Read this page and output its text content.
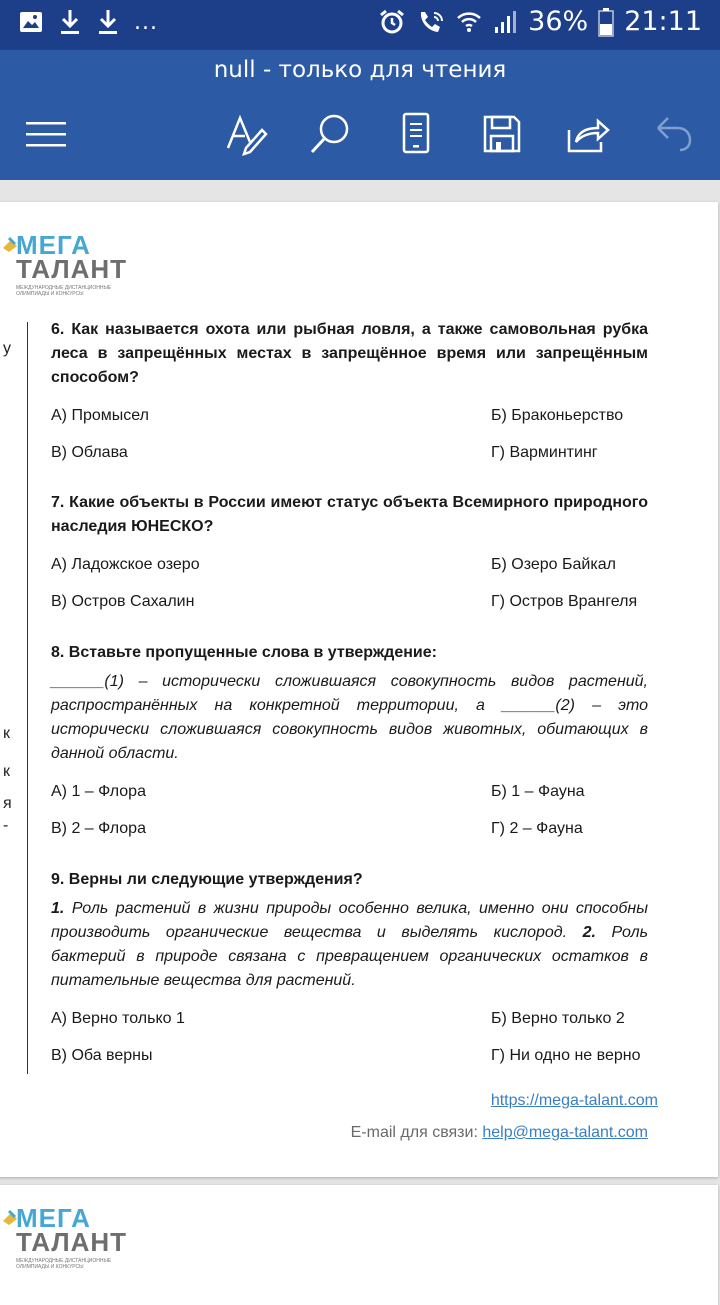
...	36% 21:11
null - только для чтения
МЕГА
ТАЛАНТ
МЕЖДУНАРОДНЫЕ ДИСТАНЦИОННЫЕ ОЛИМПИАДЫ И КОНКУРСЫ
у
к
к
я
-
6. Как называется охота или рыбная ловля, а также самовольная рубка леса в запрещённых местах в запрещённое время или запрещённым способом?
А) Промысел	Б) Браконьерство
В) Облава	Г) Варминтинг
7. Какие объекты в России имеют статус объекта Всемирного природного наследия ЮНЕСКО?
А) Ладожское озеро	Б) Озеро Байкал
В) Остров Сахалин	Г) Остров Врангеля
8. Вставьте пропущенные слова в утверждение:
______(1) – исторически сложившаяся совокупность видов растений, распространённых на конкретной территории, а ______(2) – это исторически сложившаяся совокупность видов животных, обитающих в данной области.
А) 1 – Флора	Б) 1 – Фауна
В) 2 – Флора	Г) 2 – Фауна
9. Верны ли следующие утверждения?
1. Роль растений в жизни природы особенно велика, именно они способны производить органические вещества и выделять кислород. 2. Роль бактерий в природе связана с превращением органических остатков в питательные вещества для растений.
А) Верно только 1	Б) Верно только 2
В) Оба верны	Г) Ни одно не верно
https://mega-talant.com
E-mail для связи: help@mega-talant.com
МЕГА
ТАЛАНТ
МЕЖДУНАРОДНЫЕ ДИСТАНЦИОННЫЕ ОЛИМПИАДЫ И КОНКУРСЫ
